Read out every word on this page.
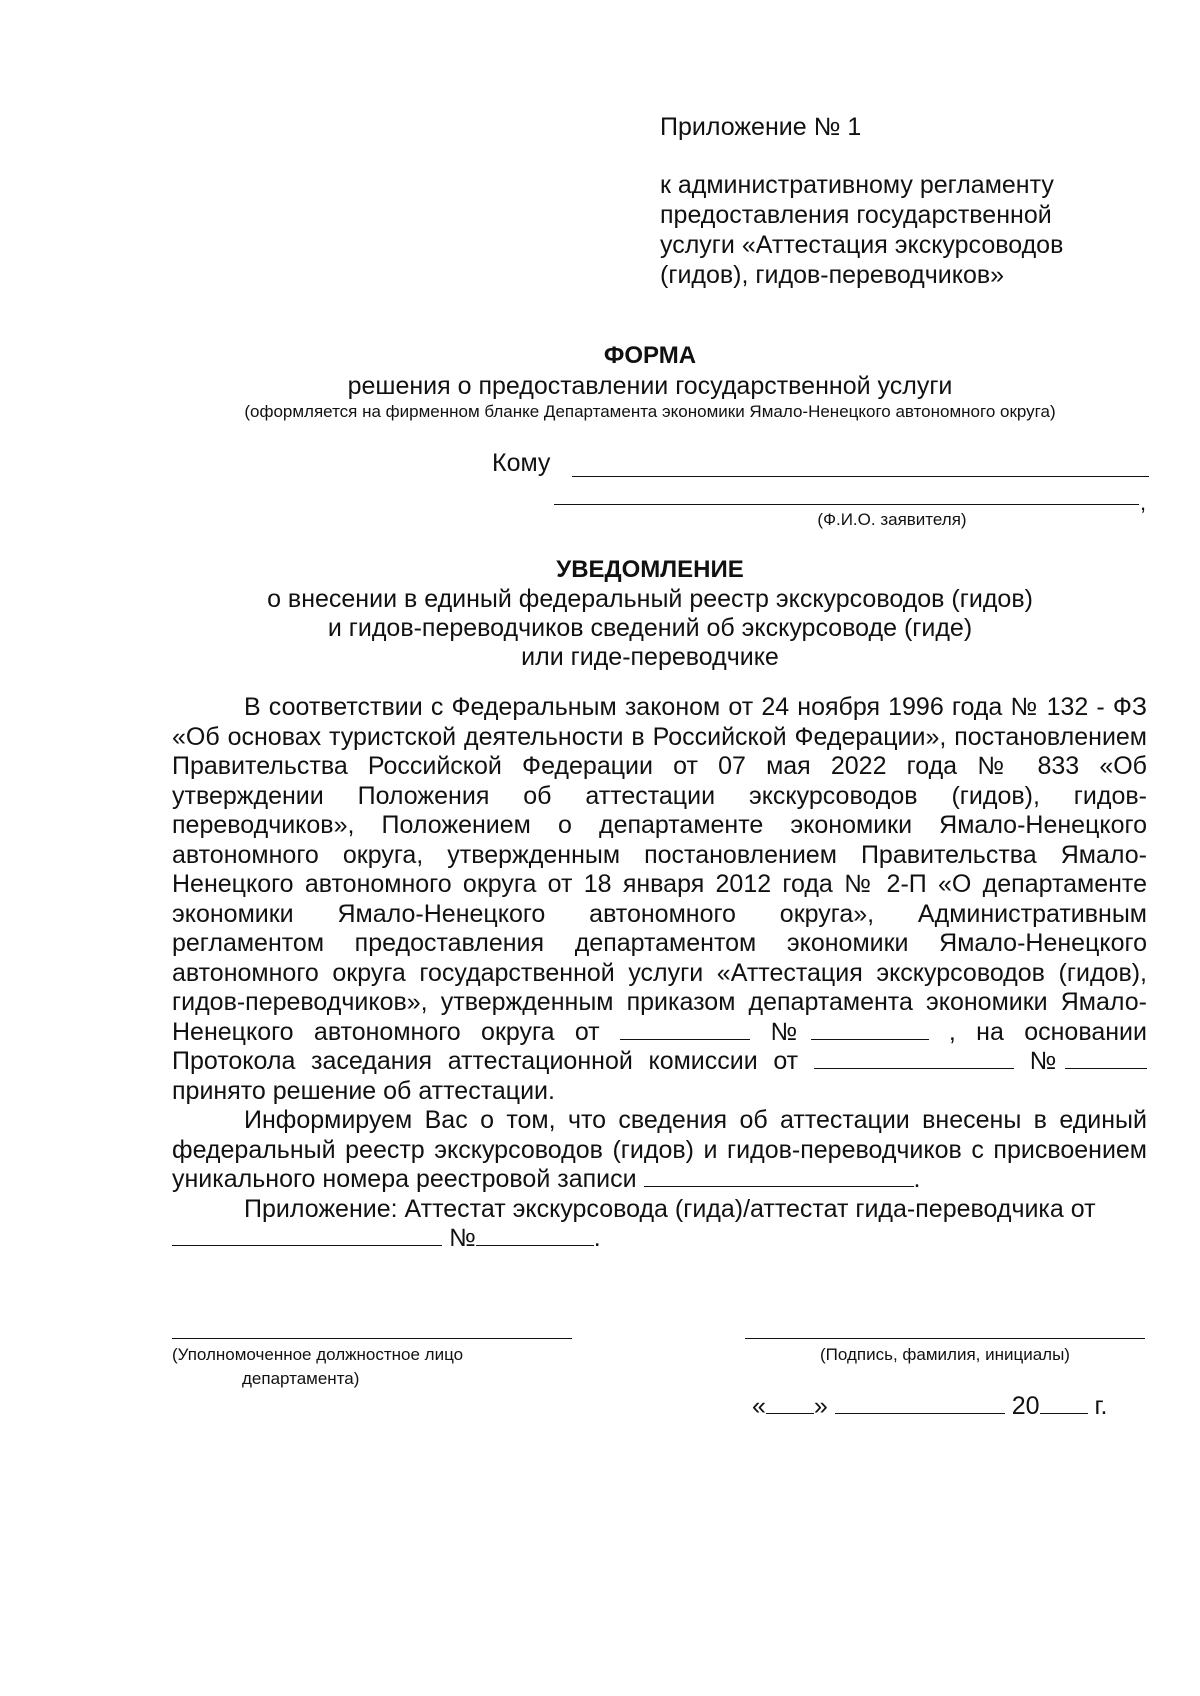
Приложение № 1
к административному регламенту предоставления государственной услуги «Аттестация экскурсоводов (гидов), гидов-переводчиков»
ФОРМА
решения о предоставлении государственной услуги
(оформляется на фирменном бланке Департамента экономики Ямало-Ненецкого автономного округа)
Кому
,
(Ф.И.О. заявителя)
УВЕДОМЛЕНИЕ
о внесении в единый федеральный реестр экскурсоводов (гидов)
и гидов-переводчиков сведений об экскурсоводе (гиде)
или гиде-переводчике

В соответствии с Федеральным законом от 24 ноября 1996 года № 132 - ФЗ «Об основах туристской деятельности в Российской Федерации», постановлением Правительства Российской Федерации от 07 мая 2022 года № 833 «Об утверждении Положения об аттестации экскурсоводов (гидов), гидов-переводчиков», Положением о департаменте экономики Ямало-Ненецкого автономного округа, утвержденным постановлением Правительства Ямало-Ненецкого автономного округа от 18 января 2012 года № 2-П «О департаменте экономики Ямало-Ненецкого автономного округа», Административным регламентом предоставления департаментом экономики Ямало-Ненецкого автономного округа государственной услуги «Аттестация экскурсоводов (гидов), гидов-переводчиков», утвержденным приказом департамента экономики Ямало-Ненецкого автономного округа от	№	, на основании Протокола заседания аттестационной комиссии от	№ принято решение об аттестации.

Информируем Вас о том, что сведения об аттестации внесены в единый федеральный реестр экскурсоводов (гидов) и гидов-переводчиков с присвоением уникального номера реестровой записи	.

Приложение: Аттестат экскурсовода (гида)/аттестат гида-переводчика от  №	.

(Уполномоченное должностное лицо
департамента)
(Подпись, фамилия, инициалы)
« »	20 г.
